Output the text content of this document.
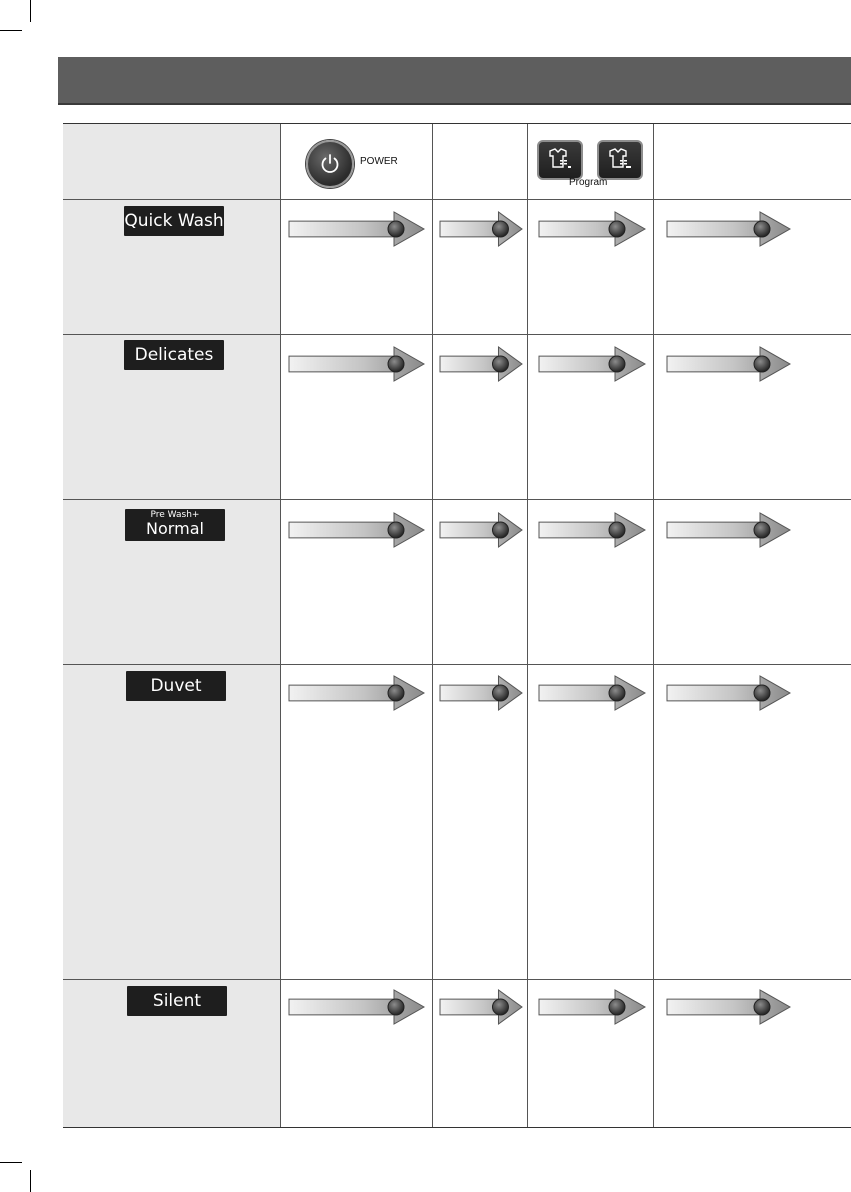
POWER
Program
Quick Wash
Delicates
Pre Wash+
Normal
Duvet
Silent
